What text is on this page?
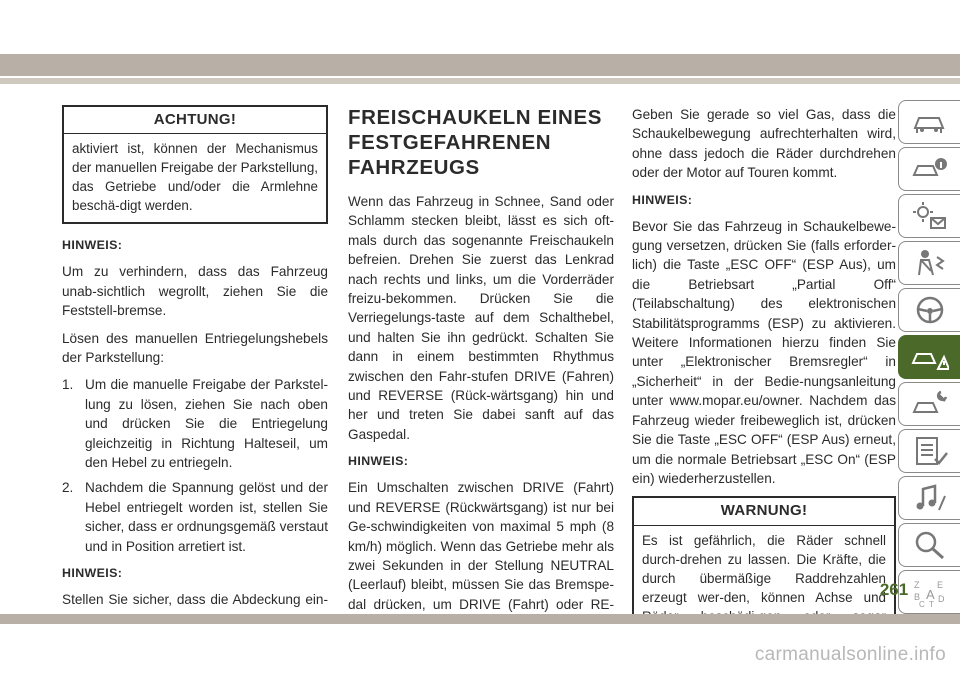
ACHTUNG!
aktiviert ist, können der Mechanismus der manuellen Freigabe der Parkstellung, das Getriebe und/oder die Armlehne beschä-digt werden.

HINWEIS:

Um zu verhindern, dass das Fahrzeug unab-sichtlich wegrollt, ziehen Sie die Feststell-bremse.

Lösen des manuellen Entriegelungshebels der Parkstellung:

1. Um die manuelle Freigabe der Parkstel-lung zu lösen, ziehen Sie nach oben und drücken Sie die Entriegelung gleichzeitig in Richtung Halteseil, um den Hebel zu entriegeln.
2. Nachdem die Spannung gelöst und der Hebel entriegelt worden ist, stellen Sie sicher, dass er ordnungsgemäß verstaut und in Position arretiert ist.

HINWEIS:

Stellen Sie sicher, dass die Abdeckung ein-

FREISCHAUKELN EINES FESTGEFAHRENEN FAHRZEUGS

Wenn das Fahrzeug in Schnee, Sand oder Schlamm stecken bleibt, lässt es sich oft-mals durch das sogenannte Freischaukeln befreien. Drehen Sie zuerst das Lenkrad nach rechts und links, um die Vorderräder freizu-bekommen. Drücken Sie die Verriegelungs-taste auf dem Schalthebel, und halten Sie ihn gedrückt. Schalten Sie dann in einem bestimmten Rhythmus zwischen den Fahr-stufen DRIVE (Fahren) und REVERSE (Rück-wärtsgang) hin und her und treten Sie dabei sanft auf das Gaspedal.

HINWEIS:

Ein Umschalten zwischen DRIVE (Fahrt) und REVERSE (Rückwärtsgang) ist nur bei Ge-schwindigkeiten von maximal 5 mph (8 km/h) möglich. Wenn das Getriebe mehr als zwei Sekunden in der Stellung NEUTRAL (Leerlauf) bleibt, müssen Sie das Bremspe-dal drücken, um DRIVE (Fahrt) oder RE-

Geben Sie gerade so viel Gas, dass die Schaukelbewegung aufrechterhalten wird, ohne dass jedoch die Räder durchdrehen oder der Motor auf Touren kommt.

HINWEIS:

Bevor Sie das Fahrzeug in Schaukelbewe-gung versetzen, drücken Sie (falls erforder-lich) die Taste „ESC OFF“ (ESP Aus), um die Betriebsart „Partial Off“ (Teilabschaltung) des elektronischen Stabilitätsprogramms (ESP) zu aktivieren. Weitere Informationen hierzu finden Sie unter „Elektronischer Bremsregler“ in „Sicherheit“ in der Bedie-nungsanleitung unter www.mopar.eu/owner. Nachdem das Fahrzeug wieder freibeweglich ist, drücken Sie die Taste „ESC OFF“ (ESP Aus) erneut, um die normale Betriebsart „ESC On“ (ESP ein) wiederherzustellen.

WARNUNG!
Es ist gefährlich, die Räder schnell durch-drehen zu lassen. Die Kräfte, die durch übermäßige Raddrehzahlen erzeugt wer-den, können Achse und
Z E
B A
C
D
T
261
carmanualsonline.info
